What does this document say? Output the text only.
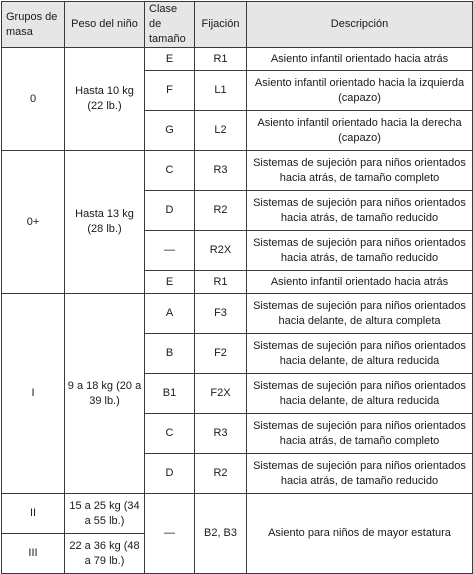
Grupos de masa	Peso del niño	Clase de tamaño	Fijación	Descripción
0	Hasta 10 kg (22 lb.)	E	R1	Asiento infantil orientado hacia atrás
		F	L1	Asiento infantil orientado hacia la izquierda (capazo)
		G	L2	Asiento infantil orientado hacia la derecha (capazo)
0+	Hasta 13 kg (28 lb.)	C	R3	Sistemas de sujeción para niños orientados hacia atrás, de tamaño completo
		D	R2	Sistemas de sujeción para niños orientados hacia atrás, de tamaño reducido
		—	R2X	Sistemas de sujeción para niños orientados hacia atrás, de tamaño reducido
		E	R1	Asiento infantil orientado hacia atrás
I	9 a 18 kg (20 a 39 lb.)	A	F3	Sistemas de sujeción para niños orientados hacia delante, de altura completa
		B	F2	Sistemas de sujeción para niños orientados hacia delante, de altura reducida
		B1	F2X	Sistemas de sujeción para niños orientados hacia delante, de altura reducida
		C	R3	Sistemas de sujeción para niños orientados hacia atrás, de tamaño completo
		D	R2	Sistemas de sujeción para niños orientados hacia atrás, de tamaño reducido
II	15 a 25 kg (34 a 55 lb.)	—	B2, B3	Asiento para niños de mayor estatura
III	22 a 36 kg (48 a 79 lb.)			
